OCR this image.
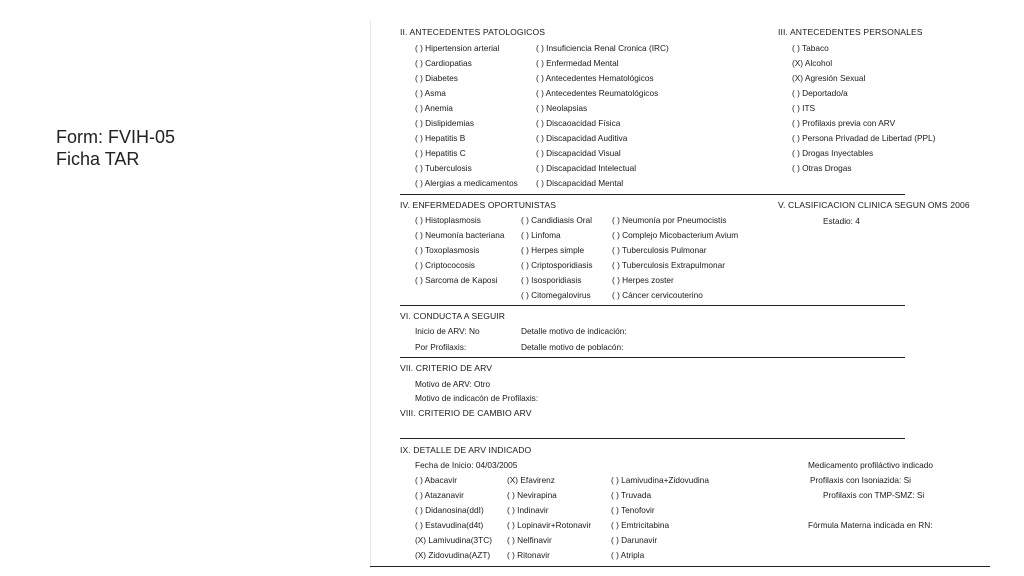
Form: FVIH-05
Ficha TAR
II. ANTECEDENTES PATOLOGICOS
( ) Hipertension arterial
( ) Cardiopatias
( ) Diabetes
( ) Asma
( ) Anemia
( ) Dislipidemias
( ) Hepatitis B
( ) Hepatitis C
( ) Tuberculosis
( ) Alergias a medicamentos
( ) Insuficiencia Renal Cronica (IRC)
( ) Enfermedad Mental
( ) Antecedentes Hematológicos
( ) Antecedentes Reumatológicos
( ) Neolapsias
( ) Discaoacidad Física
( ) Discapacidad Auditiva
( ) Discapacidad Visual
( ) Discapacidad Intelectual
( ) Discapacidad Mental
III. ANTECEDENTES PERSONALES
( ) Tabaco
(X) Alcohol
(X) Agresión Sexual
( ) Deportado/a
( ) ITS
( ) Profilaxis previa con ARV
( ) Persona Privadad de Libertad (PPL)
( ) Drogas Inyectables
( ) Otras Drogas
IV. ENFERMEDADES OPORTUNISTAS
( ) Histoplasmosis
( ) Neumonía bacteriana
( ) Toxoplasmosis
( ) Criptococosis
( ) Sarcoma de Kaposi
( ) Candidiasis Oral
( ) Linfoma
( ) Herpes simple
( ) Criptosporidiasis
( ) Isosporidiasis
( ) Citomegalovirus
( ) Neumonía por Pneumocistis
( ) Complejo Micobacterium Avium
( ) Tuberculosis Pulmonar
( ) Tuberculosis Extrapulmonar
( ) Herpes zoster
( ) Cáncer cervicouterino
V. CLASIFICACION CLINICA SEGUN OMS 2006
Estadio: 4
VI. CONDUCTA A SEGUIR
Inicio de ARV: No	Detalle motivo de indicación:
Por Profilaxis:	Detalle motivo de poblacón:
VII. CRITERIO DE ARV
Motivo de ARV: Otro
Motivo de indicacón de Profilaxis:
VIII. CRITERIO DE CAMBIO ARV
IX. DETALLE DE ARV INDICADO
Fecha de Inicio: 04/03/2005
( ) Abacavir
( ) Atazanavir
( ) Didanosina(ddI)
( ) Estavudina(d4t)
(X) Lamivudina(3TC)
(X) Zidovudina(AZT)
(X) Efavirenz
( ) Nevirapina
( ) Indinavir
( ) Lopinavir+Rotonavir
( ) Nelfinavir
( ) Ritonavir
( ) Lamivudina+Zidovudina
( ) Truvada
( ) Tenofovir
( ) Emtricitabina
( ) Darunavir
( ) Atripla
Medicamento profiláctivo indicado
Profilaxis con Isoniazida: Si
Profilaxis con TMP-SMZ: Si
Fórmula Materna indicada en RN:
